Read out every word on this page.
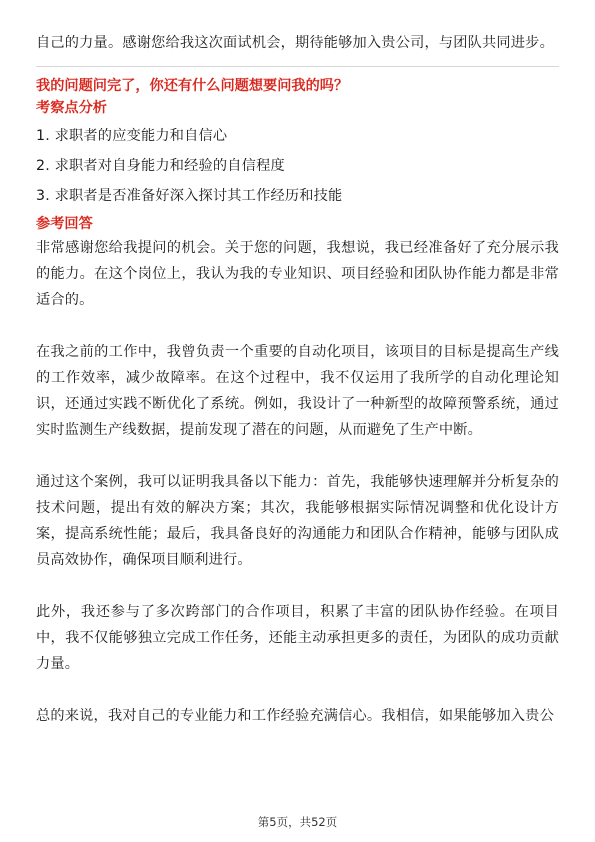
自己的力量。感谢您给我这次面试机会，期待能够加入贵公司，与团队共同进步。

我的问题问完了，你还有什么问题想要问我的吗？

考察点分析

1. 求职者的应变能力和自信心
2. 求职者对自身能力和经验的自信程度
3. 求职者是否准备好深入探讨其工作经历和技能

参考回答

非常感谢您给我提问的机会。关于您的问题，我想说，我已经准备好了充分展示我的能力。在这个岗位上，我认为我的专业知识、项目经验和团队协作能力都是非常适合的。

在我之前的工作中，我曾负责一个重要的自动化项目，该项目的目标是提高生产线的工作效率，减少故障率。在这个过程中，我不仅运用了我所学的自动化理论知识，还通过实践不断优化了系统。例如，我设计了一种新型的故障预警系统，通过实时监测生产线数据，提前发现了潜在的问题，从而避免了生产中断。

通过这个案例，我可以证明我具备以下能力：首先，我能够快速理解并分析复杂的技术问题，提出有效的解决方案；其次，我能够根据实际情况调整和优化设计方案，提高系统性能；最后，我具备良好的沟通能力和团队合作精神，能够与团队成员高效协作，确保项目顺利进行。

此外，我还参与了多次跨部门的合作项目，积累了丰富的团队协作经验。在项目中，我不仅能够独立完成工作任务，还能主动承担更多的责任，为团队的成功贡献力量。

总的来说，我对自己的专业能力和工作经验充满信心。我相信，如果能够加入贵公

第5页，共52页
